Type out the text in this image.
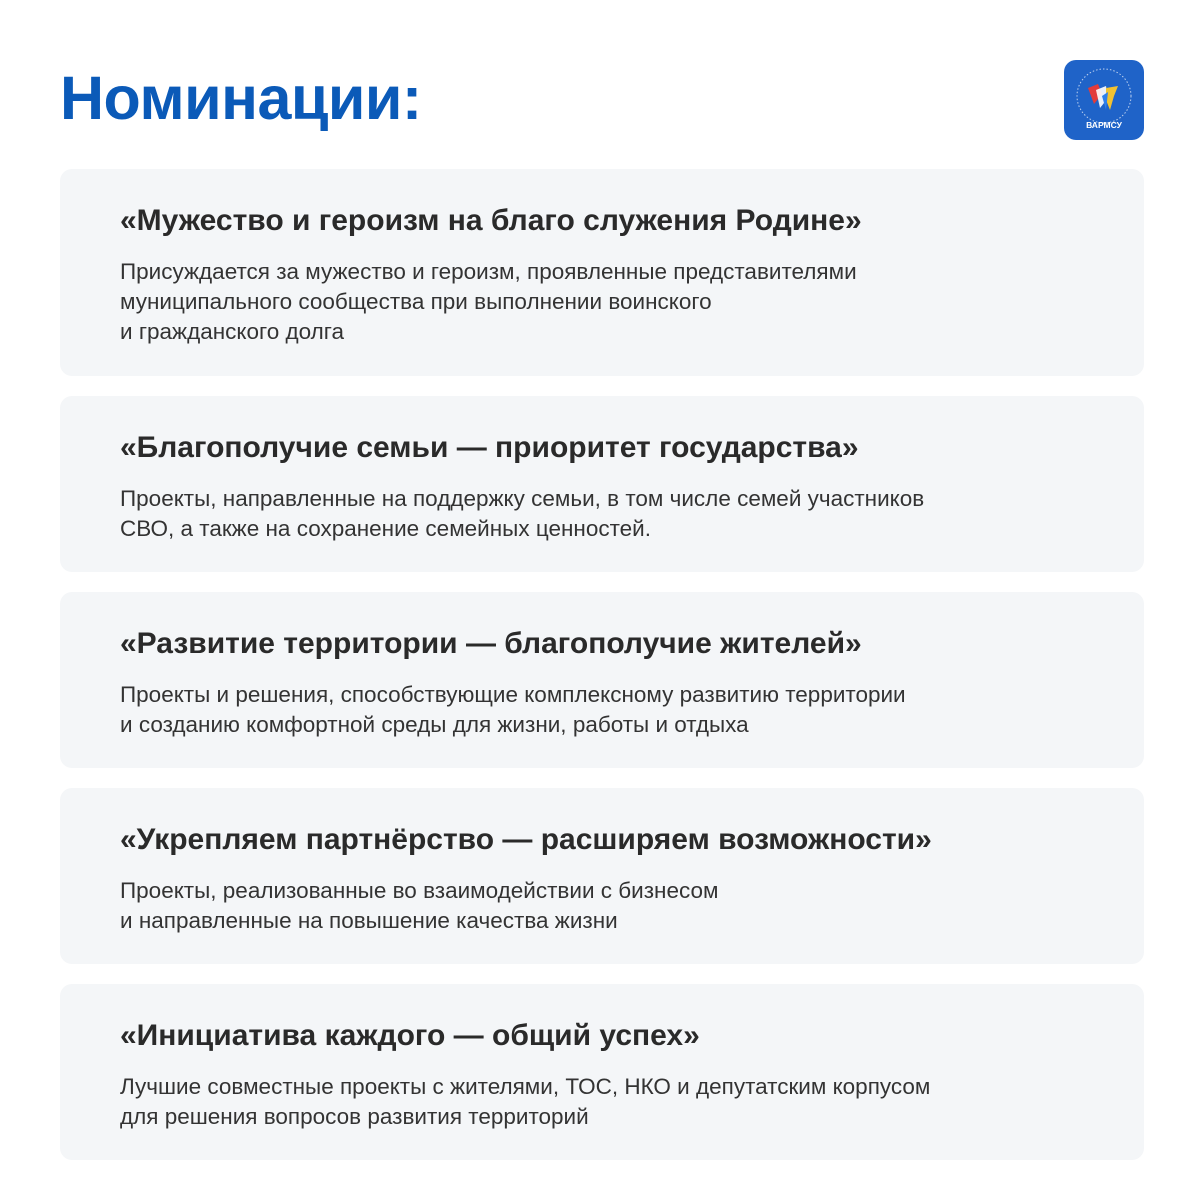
Номинации:	ВАРМСУ
«Мужество и героизм на благо служения Родине»
Присуждается за мужество и героизм, проявленные представителями
муниципального сообщества при выполнении воинского
и гражданского долга
«Благополучие семьи — приоритет государства»
Проекты, направленные на поддержку семьи, в том числе семей участников
СВО, а также на сохранение семейных ценностей.
«Развитие территории — благополучие жителей»
Проекты и решения, способствующие комплексному развитию территории
и созданию комфортной среды для жизни, работы и отдыха
«Укрепляем партнёрство — расширяем возможности»
Проекты, реализованные во взаимодействии с бизнесом
и направленные на повышение качества жизни
«Инициатива каждого — общий успех»
Лучшие совместные проекты с жителями, ТОС, НКО и депутатским корпусом
для решения вопросов развития территорий
